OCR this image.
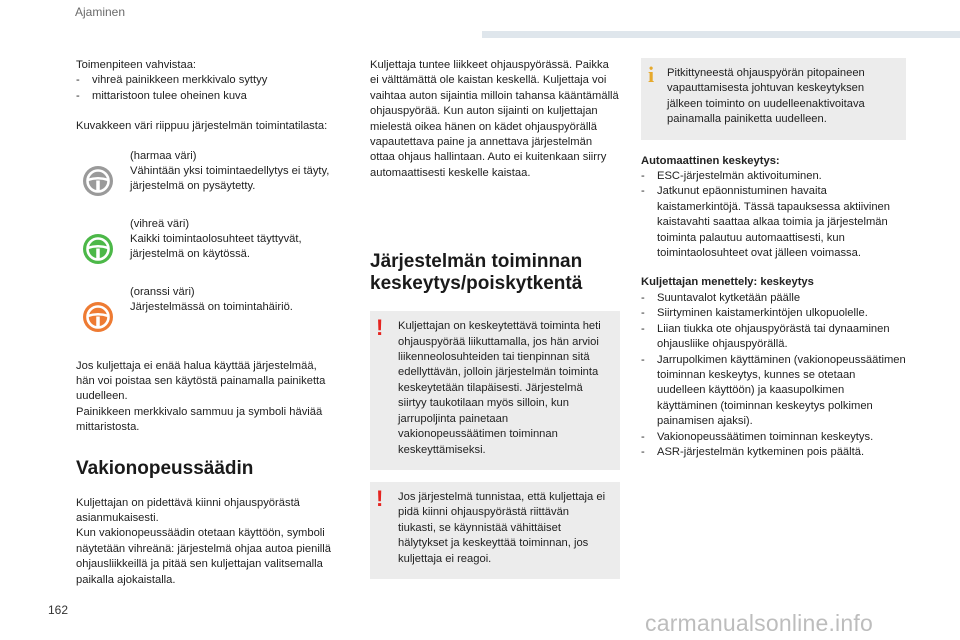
Ajaminen

Toimenpiteen vahvistaa:

- vihreä painikkeen merkkivalo syttyy
- mittaristoon tulee oheinen kuva

Kuvakkeen väri riippuu järjestelmän toimintatilasta:

(harmaa väri)

Vähintään yksi toimintaedellytys ei täyty, järjestelmä on pysäytetty.

(vihreä väri)

Kaikki toimintaolosuhteet täyttyvät, järjestelmä on käytössä.

(oranssi väri)

Järjestelmässä on toimintahäiriö.

Jos kuljettaja ei enää halua käyttää järjestelmää, hän voi poistaa sen käytöstä painamalla painiketta uudelleen.

Painikkeen merkkivalo sammuu ja symboli häviää mittaristosta.

Vakionopeussäädin

Kuljettajan on pidettävä kiinni ohjauspyörästä asianmukaisesti.

Kun vakionopeussäädin otetaan käyttöön, symboli näytetään vihreänä: järjestelmä ohjaa autoa pienillä ohjausliikkeillä ja pitää sen kuljettajan valitsemalla paikalla ajokaistalla.

Kuljettaja tuntee liikkeet ohjauspyörässä. Paikka ei välttämättä ole kaistan keskellä. Kuljettaja voi vaihtaa auton sijaintia milloin tahansa kääntämällä ohjauspyörää. Kun auton sijainti on kuljettajan mielestä oikea hänen on kädet ohjauspyörällä vapautettava paine ja annettava järjestelmän ottaa ohjaus hallintaan. Auto ei kuitenkaan siirry automaattisesti keskelle kaistaa.

Järjestelmän toiminnan keskeytys/poiskytkentä
! Kuljettajan on keskeytettävä toiminta heti ohjauspyörää liikuttamalla, jos hän arvioi liikenneolosuhteiden tai tienpinnan sitä edellyttävän, jolloin järjestelmän toiminta keskeytetään tilapäisesti. Järjestelmä siirtyy taukotilaan myös silloin, kun jarrupoljinta painetaan vakionopeussäätimen toiminnan keskeyttämiseksi.

! Jos järjestelmä tunnistaa, että kuljettaja ei pidä kiinni ohjauspyörästä riittävän tiukasti, se käynnistää vähittäiset hälytykset ja keskeyttää toiminnan, jos kuljettaja ei reagoi.

i Pitkittyneestä ohjauspyörän pitopaineen vapauttamisesta johtuvan keskeytyksen jälkeen toiminto on uudelleenaktivoitava painamalla painiketta uudelleen.

Automaattinen keskeytys:

- ESC-järjestelmän aktivoituminen.
- Jatkunut epäonnistuminen havaita kaistamerkintöjä. Tässä tapauksessa aktiivinen kaistavahti saattaa alkaa toimia ja järjestelmän toiminta palautuu automaattisesti, kun toimintaolosuhteet ovat jälleen voimassa.

Kuljettajan menettely: keskeytys

- Suuntavalot kytketään päälle
- Siirtyminen kaistamerkintöjen ulkopuolelle.
- Liian tiukka ote ohjauspyörästä tai dynaaminen ohjausliike ohjauspyörällä.
- Jarrupolkimen käyttäminen (vakionopeussäätimen toiminnan keskeytys, kunnes se otetaan uudelleen käyttöön) ja kaasupolkimen käyttäminen (toiminnan keskeytys polkimen painamisen ajaksi).
- Vakionopeussäätimen toiminnan keskeytys.
- ASR-järjestelmän kytkeminen pois päältä.
162	carmanualsonline.info
